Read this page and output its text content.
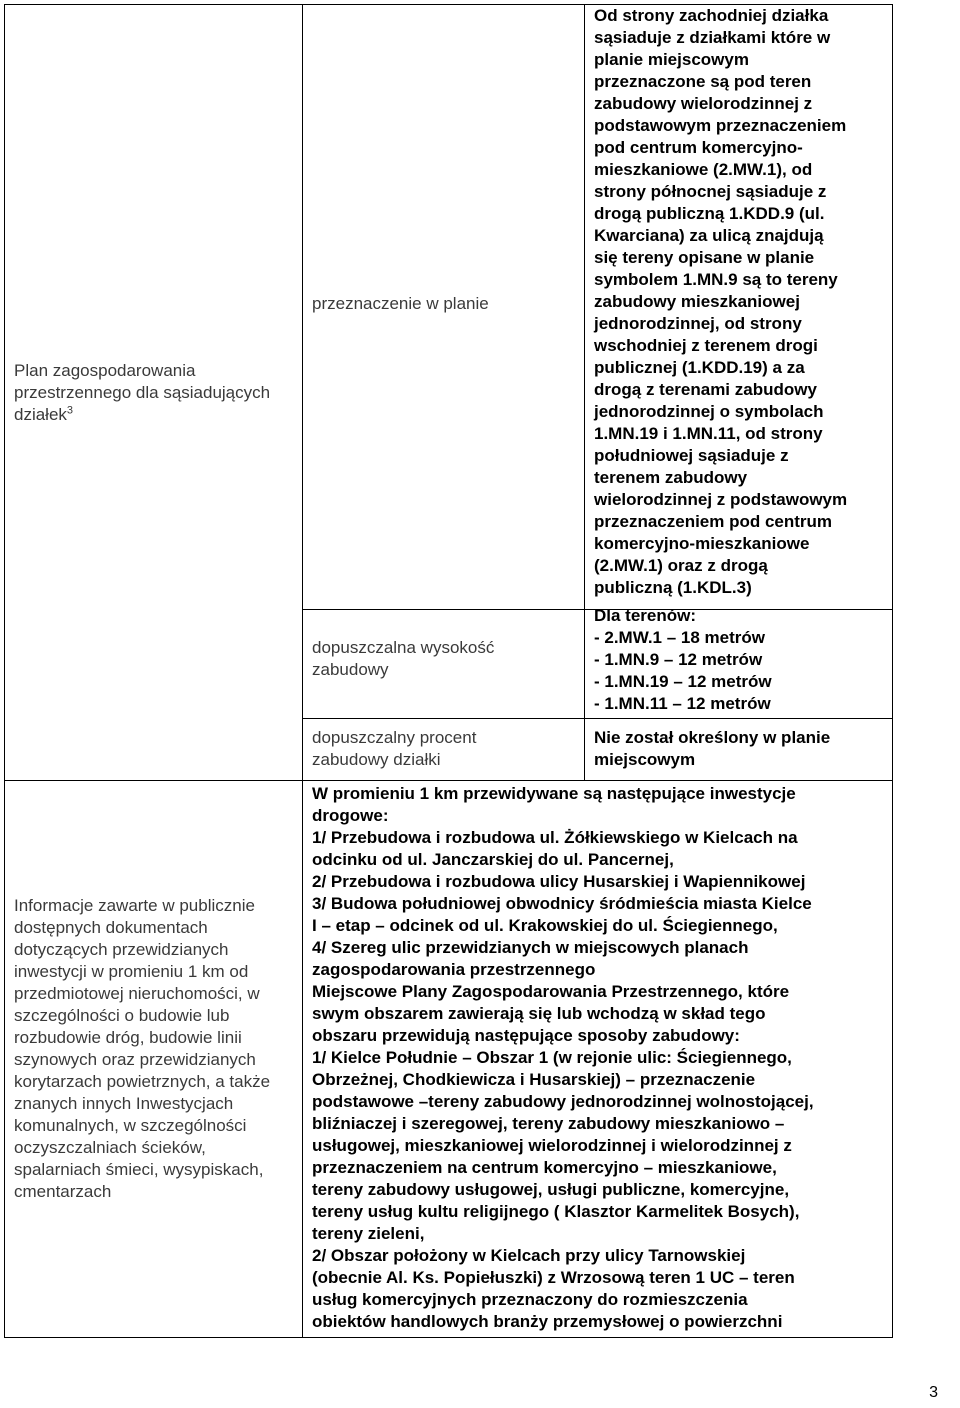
Plan zagospodarowania przestrzennego dla sąsiadujących działek$^3$
przeznaczenie w planie
dopuszczalna wysokość zabudowy
dopuszczalny procent zabudowy działki
Od strony zachodniej działka
sąsiaduje z działkami które w
planie miejscowym
przeznaczone są pod teren
zabudowy wielorodzinnej z
podstawowym przeznaczeniem
pod centrum komercyjno-
mieszkaniowe (2.MW.1), od
strony północnej sąsiaduje z
drogą publiczną 1.KDD.9 (ul.
Kwarciana) za ulicą znajdują
się tereny opisane w planie
symbolem 1.MN.9 są to tereny
zabudowy mieszkaniowej
jednorodzinnej, od strony
wschodniej z terenem drogi
publicznej (1.KDD.19) a za
drogą z terenami zabudowy
jednorodzinnej o symbolach
1.MN.19 i 1.MN.11, od strony
południowej sąsiaduje z
terenem zabudowy
wielorodzinnej z podstawowym
przeznaczeniem pod centrum
komercyjno-mieszkaniowe
(2.MW.1) oraz z drogą
publiczną (1.KDL.3)
Dla terenów:
- 2.MW.1 – 18 metrów
- 1.MN.9 – 12 metrów
- 1.MN.19 – 12 metrów
- 1.MN.11 – 12 metrów
Nie został określony w planie
miejscowym
Informacje zawarte w publicznie dostępnych dokumentach dotyczących przewidzianych inwestycji w promieniu 1 km od przedmiotowej nieruchomości, w szczególności o budowie lub rozbudowie dróg, budowie linii szynowych oraz przewidzianych korytarzach powietrznych, a także znanych innych Inwestycjach komunalnych, w szczególności oczyszczalniach ścieków, spalarniach śmieci, wysypiskach, cmentarzach
W promieniu 1 km przewidywane są następujące inwestycje
drogowe:
1/ Przebudowa i rozbudowa ul. Żółkiewskiego w Kielcach na
odcinku od ul. Janczarskiej do ul. Pancernej,
2/ Przebudowa i rozbudowa ulicy Husarskiej i Wapiennikowej
3/ Budowa południowej obwodnicy śródmieścia miasta Kielce
I – etap – odcinek od ul. Krakowskiej do ul. Ściegiennego,
4/ Szereg ulic przewidzianych w miejscowych planach
zagospodarowania przestrzennego
Miejscowe Plany Zagospodarowania Przestrzennego, które
swym obszarem zawierają się lub wchodzą w skład tego
obszaru przewidują następujące sposoby zabudowy:
1/ Kielce Południe – Obszar 1 (w rejonie ulic: Ściegiennego,
Obrzeżnej, Chodkiewicza i Husarskiej) – przeznaczenie
podstawowe –tereny zabudowy jednorodzinnej wolnostojącej,
bliźniaczej i szeregowej, tereny zabudowy mieszkaniowo –
usługowej, mieszkaniowej wielorodzinnej i wielorodzinnej z
przeznaczeniem na centrum komercyjno – mieszkaniowe,
tereny zabudowy usługowej, usługi publiczne, komercyjne,
tereny usług kultu religijnego ( Klasztor Karmelitek Bosych),
tereny zieleni,
2/ Obszar położony w Kielcach przy ulicy Tarnowskiej
(obecnie Al. Ks. Popiełuszki) z Wrzosową teren 1 UC – teren
usług komercyjnych przeznaczony do rozmieszczenia
obiektów handlowych branży przemysłowej o powierzchni
3
